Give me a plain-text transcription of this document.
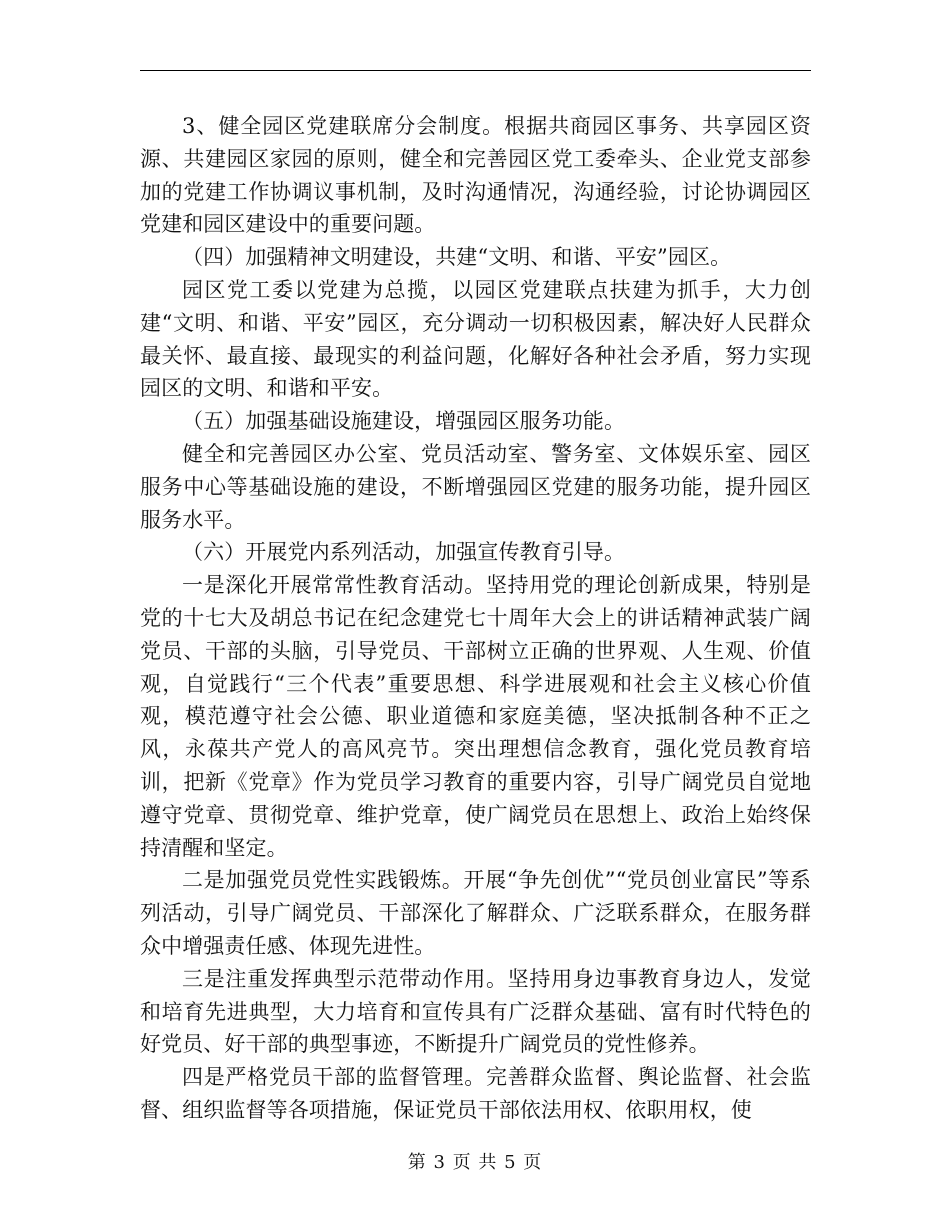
3、健全园区党建联席分会制度。根据共商园区事务、共享园区资源、共建园区家园的原则，健全和完善园区党工委牵头、企业党支部参加的党建工作协调议事机制，及时沟通情况，沟通经验，讨论协调园区党建和园区建设中的重要问题。

（四）加强精神文明建设，共建“文明、和谐、平安”园区。

园区党工委以党建为总揽，以园区党建联点扶建为抓手，大力创建“文明、和谐、平安”园区，充分调动一切积极因素，解决好人民群众最关怀、最直接、最现实的利益问题，化解好各种社会矛盾，努力实现园区的文明、和谐和平安。

（五）加强基础设施建设，增强园区服务功能。

健全和完善园区办公室、党员活动室、警务室、文体娱乐室、园区服务中心等基础设施的建设，不断增强园区党建的服务功能，提升园区服务水平。

（六）开展党内系列活动，加强宣传教育引导。

一是深化开展常常性教育活动。坚持用党的理论创新成果，特别是党的十七大及胡总书记在纪念建党七十周年大会上的讲话精神武装广阔党员、干部的头脑，引导党员、干部树立正确的世界观、人生观、价值观，自觉践行“三个代表”重要思想、科学进展观和社会主义核心价值观，模范遵守社会公德、职业道德和家庭美德，坚决抵制各种不正之风，永葆共产党人的高风亮节。突出理想信念教育，强化党员教育培训，把新《党章》作为党员学习教育的重要内容，引导广阔党员自觉地遵守党章、贯彻党章、维护党章，使广阔党员在思想上、政治上始终保持清醒和坚定。

二是加强党员党性实践锻炼。开展“争先创优”“党员创业富民”等系列活动，引导广阔党员、干部深化了解群众、广泛联系群众，在服务群众中增强责任感、体现先进性。

三是注重发挥典型示范带动作用。坚持用身边事教育身边人，发觉和培育先进典型，大力培育和宣传具有广泛群众基础、富有时代特色的好党员、好干部的典型事迹，不断提升广阔党员的党性修养。

四是严格党员干部的监督管理。完善群众监督、舆论监督、社会监督、组织监督等各项措施，保证党员干部依法用权、依职用权，使

第 3 页 共 5 页
